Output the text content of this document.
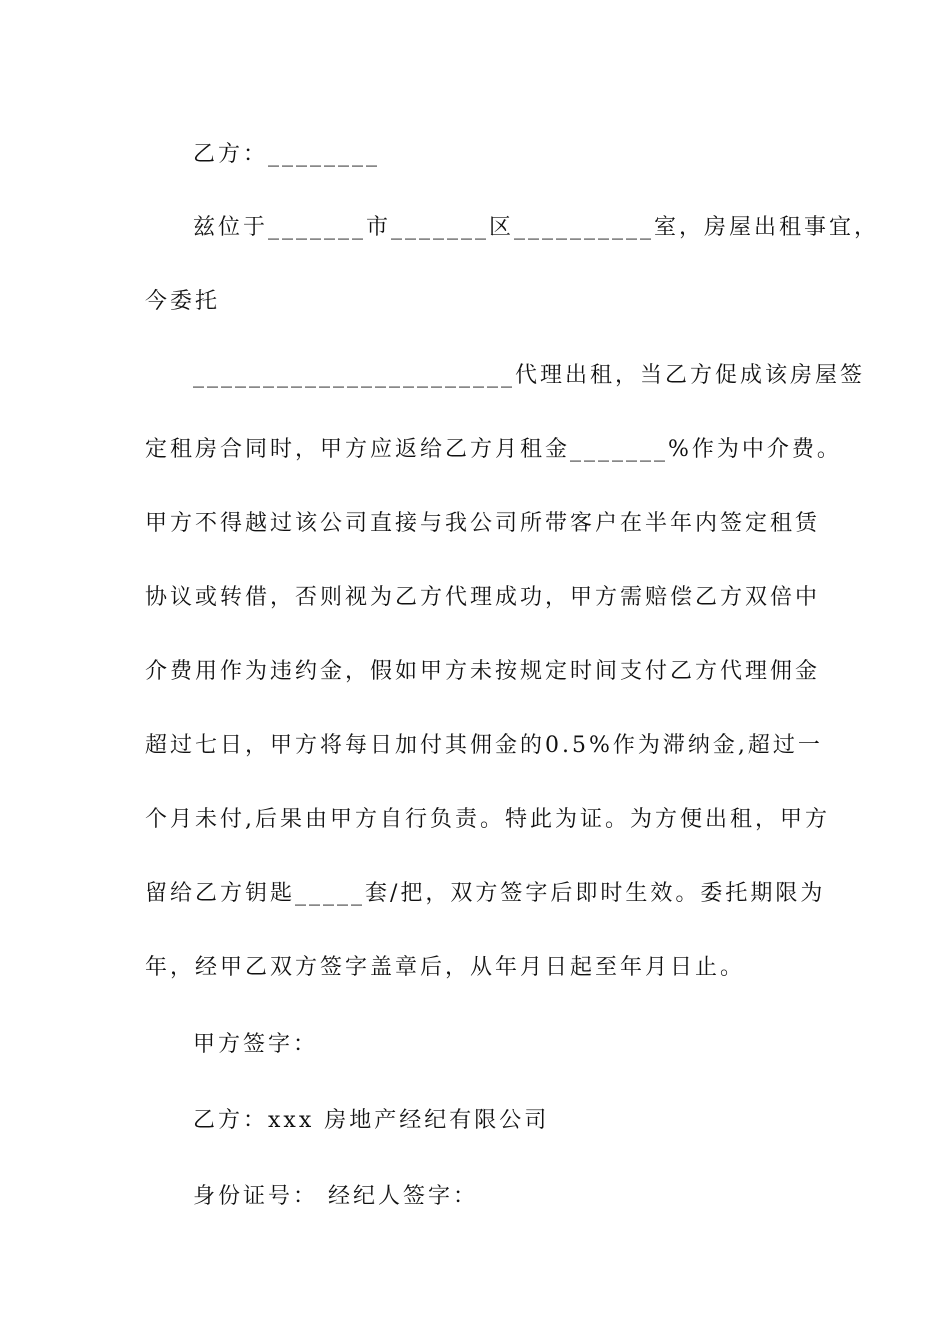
乙方：________
兹位于_______市_______区__________室，房屋出租事宜，
今委托
_______________________代理出租，当乙方促成该房屋签
定租房合同时，甲方应返给乙方月租金_______%作为中介费。
甲方不得越过该公司直接与我公司所带客户在半年内签定租赁
协议或转借，否则视为乙方代理成功，甲方需赔偿乙方双倍中
介费用作为违约金，假如甲方未按规定时间支付乙方代理佣金
超过七日，甲方将每日加付其佣金的0.5%作为滞纳金,超过一
个月未付,后果由甲方自行负责。特此为证。为方便出租，甲方
留给乙方钥匙_____套/把，双方签字后即时生效。委托期限为
年，经甲乙双方签字盖章后，从年月日起至年月日止。
甲方签字：
乙方：xxx 房地产经纪有限公司
身份证号： 经纪人签字：
